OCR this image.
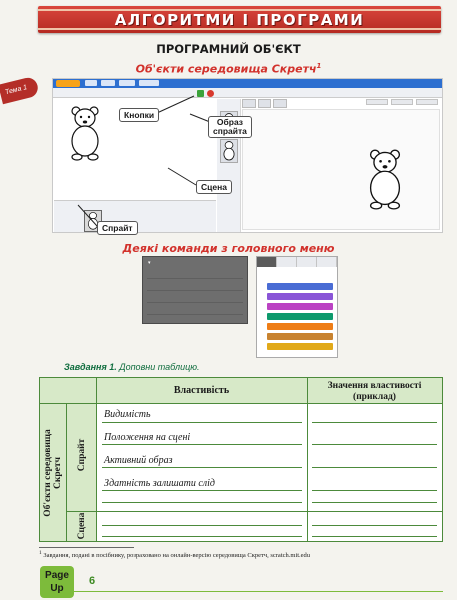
АЛГОРИТМИ І ПРОГРАМИ
Тема 1
ПРОГРАМНИЙ ОБ'ЄКТ
Об'єкти середовища Скретч$^1$

Кнопки
Образ
спрайта
Сцена
Спрайт
Деякі команди з головного меню
▾
Завдання 1. Доповни таблицю.
Властивість	Значення властивості
(приклад)
Об'єкти середовища Скретч
Спрайт
Сцена
Видимість
Положення на сцені
Активний образ
Здатність залишати слід
$^1$ Завдання, подані в посібнику, розраховано на онлайн-версію середовища Скретч, scratch.mit.edu
Page
Up
6
